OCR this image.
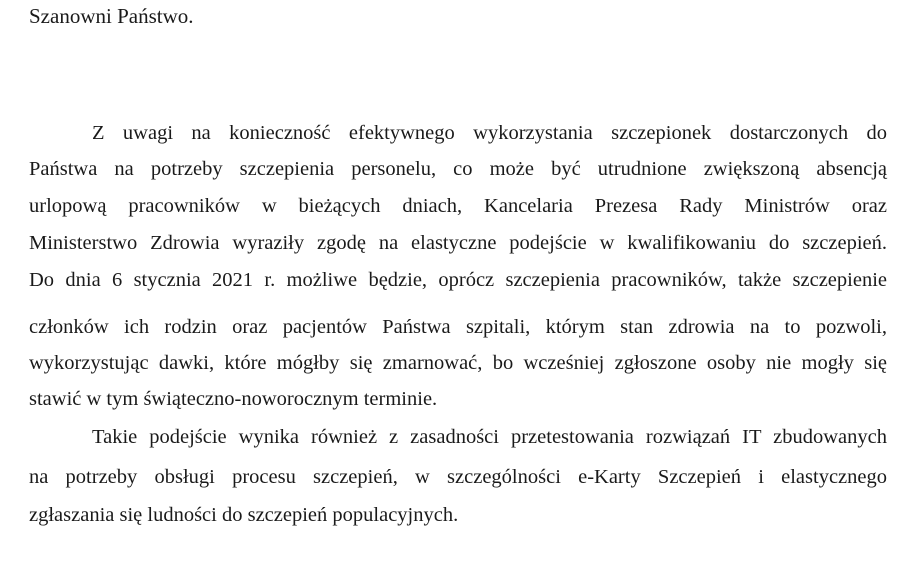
Szanowni Państwo.

Z uwagi na konieczność efektywnego wykorzystania szczepionek dostarczonych do

Państwa na potrzeby szczepienia personelu, co może być utrudnione zwiększoną absencją

urlopową pracowników w bieżących dniach, Kancelaria Prezesa Rady Ministrów oraz

Ministerstwo Zdrowia wyraziły zgodę na elastyczne podejście w kwalifikowaniu do szczepień.

Do dnia 6 stycznia 2021 r. możliwe będzie, oprócz szczepienia pracowników, także szczepienie

członków ich rodzin oraz pacjentów Państwa szpitali, którym stan zdrowia na to pozwoli,

wykorzystując dawki, które mógłby się zmarnować, bo wcześniej zgłoszone osoby nie mogły się

stawić w tym świąteczno-noworocznym terminie.

Takie podejście wynika również z zasadności przetestowania rozwiązań IT zbudowanych

na potrzeby obsługi procesu szczepień, w szczególności e-Karty Szczepień i elastycznego

zgłaszania się ludności do szczepień populacyjnych.
